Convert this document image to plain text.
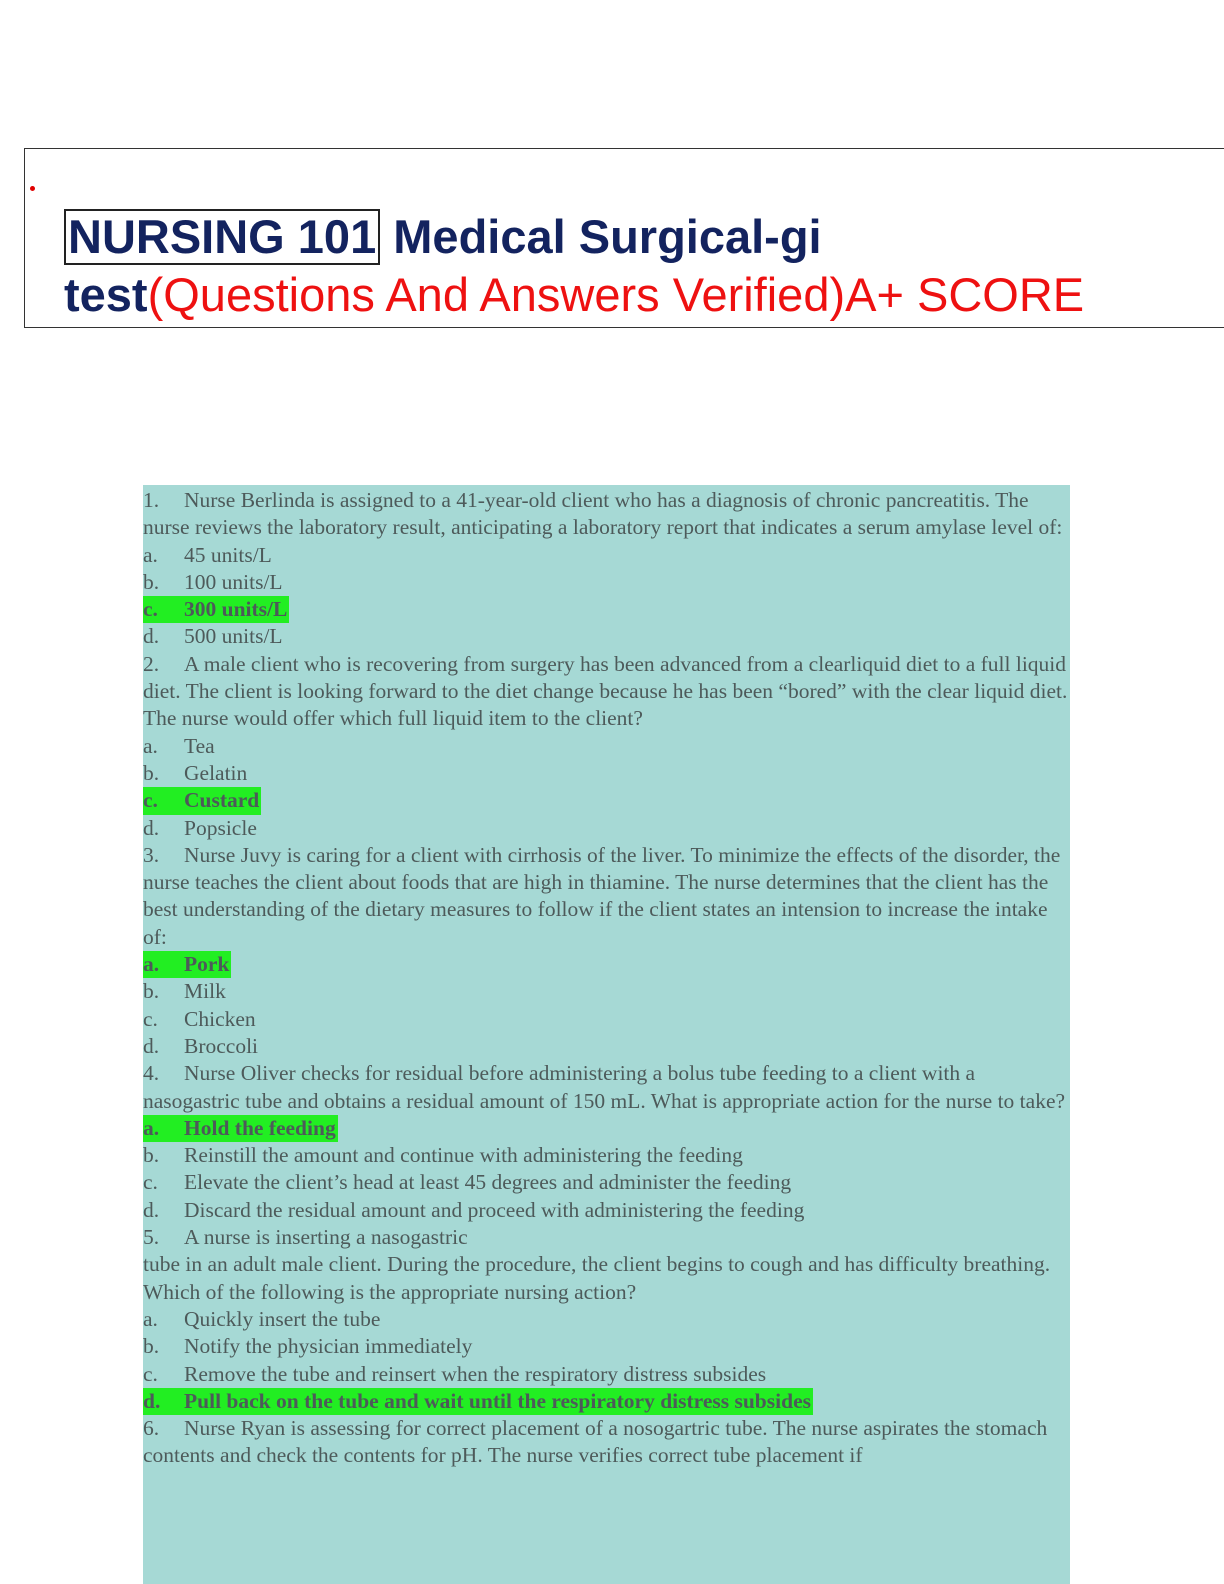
NURSING 101 Medical Surgical-gi
test(Questions And Answers Verified)A+ SCORE

1. Nurse Berlinda is assigned to a 41-year-old client who has a diagnosis of chronic pancreatitis. The nurse reviews the laboratory result, anticipating a laboratory report that indicates a serum amylase level of:

a. 45 units/L

b. 100 units/L

c. 300 units/L

d. 500 units/L

2. A male client who is recovering from surgery has been advanced from a clearliquid diet to a full liquid diet. The client is looking forward to the diet change because he has been “bored” with the clear liquid diet. The nurse would offer which full liquid item to the client?

a. Tea

b. Gelatin

c. Custard

d. Popsicle

3. Nurse Juvy is caring for a client with cirrhosis of the liver. To minimize the effects of the disorder, the nurse teaches the client about foods that are high in thiamine. The nurse determines that the client has the best understanding of the dietary measures to follow if the client states an intension to increase the intake of:

a. Pork

b. Milk

c. Chicken

d. Broccoli

4. Nurse Oliver checks for residual before administering a bolus tube feeding to a client with a nasogastric tube and obtains a residual amount of 150 mL. What is appropriate action for the nurse to take?

a. Hold the feeding

b. Reinstill the amount and continue with administering the feeding

c. Elevate the client’s head at least 45 degrees and administer the feeding

d. Discard the residual amount and proceed with administering the feeding

5. A nurse is inserting a nasogastric

tube in an adult male client. During the procedure, the client begins to cough and has difficulty breathing. Which of the following is the appropriate nursing action?

a. Quickly insert the tube

b. Notify the physician immediately

c. Remove the tube and reinsert when the respiratory distress subsides

d. Pull back on the tube and wait until the respiratory distress subsides

6. Nurse Ryan is assessing for correct placement of a nosogartric tube. The nurse aspirates the stomach contents and check the contents for pH. The nurse verifies correct tube placement if
